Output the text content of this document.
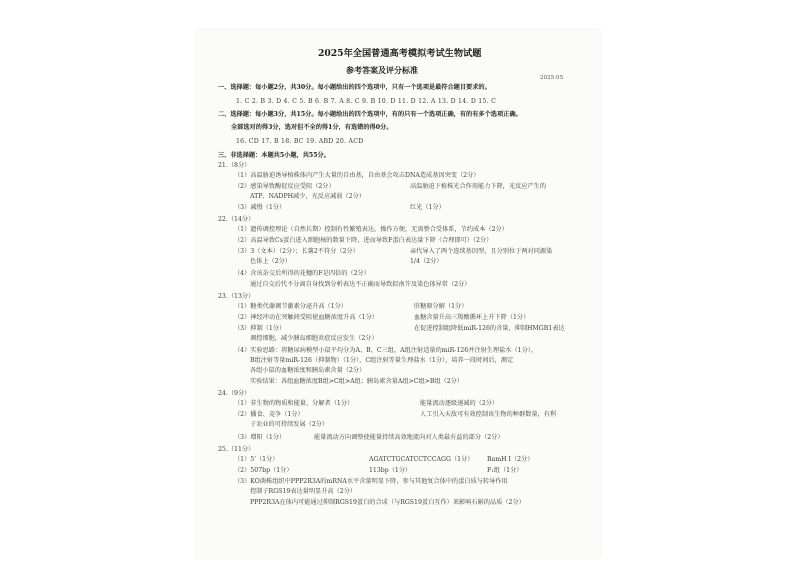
2025年全国普通高考模拟考试生物试题
参考答案及评分标准
2025.05
一、选择题：每小题2分，共30分。每小题给出的四个选项中，只有一个选项是最符合题目要求的。
1. C 2. B 3. D 4. C 5. B 6. B 7. A 8. C 9. B 10. D 11. D 12. A 13. D 14. D 15. C
二、选择题：每小题3分，共15分。每小题给出的四个选项中，有的只有一个选项正确，有的有多个选项正确。
全部选对的得3分，选对但不全的得1分，有选错的得0分。
16. CD 17. B 18. BC 19. ABD 20. ACD
三、非选择题：本题共5小题，共55分。
21.（8分）
（1）高温胁迫诱导植株体内产生大量的自由基，自由基会攻击DNA造成基因突变（2分）
（2）感染导致酶促反应受阻（2分）	高温胁迫下植株光合作用能力下降，光反应产生的
ATP、NADPH减少，光反应减弱（2分）
（3）减慢（1分）	红光（1分）
22.（14分）
（1）遗传调控理论（自然长期）控制有性繁殖表达，操作方便，无需整合受体系，节约成本（2分）
（2）高温导致Cs蛋白进入细胞核的数量下降，进而导致F蛋白表达量下降（合理即可）（2分）
（3）3（文本）（2分）；长薯2不符分（2分）	亲代导入了两个连续基因型，且分别位于两对同源染
色体上（2分）	1/4（2分）
（4）含该杂交后所得的花穗的F是四倍的（2分）
通过自交后代不分离自身找到分析表达不正确而导致拟南芥及染色体异常（2分）
23.（13分）
（1）糖类代谢调节激素分泌升高（1分）	肝糖原分解（1分）
（2）神经冲动在突触间受阻使血糖浓度升高（1分）	血糖含量升高三羧酸循环上升下降（1分）
（3）抑制（1分）	在促进控制组降低miR-126的含量，抑制HMGB1表达
调控细胞，减少胰岛细胞炎症反应发生（2分）
（4）实验思路：将糖尿病模型小鼠平均分为A、B、C三组，A组注射适量的miR-126并注射生理盐水（1分），
B组注射等量miR-126（抑制物）（1分），C组注射等量生理盐水（1分），培养一段时间后，测定
各组小鼠的血糖浓度和胰岛素含量（2分）
实验结果：各组血糖浓度B组>C组>A组；胰岛素含量A组>C组>B组（2分）
24.（9分）
（1）非生物的物质和能量、分解者（1分）	能量流动逐级递减的（2分）
（2）播食、竞争（1分）	人工引入天敌可有效控制该生物的种群数量，有利
于农业的可持续发展（2分）
（3）增阳（1分）	能量流动方向调整使能量持续高效地流向对人类最有益的部分（2分）
25.（11分）
（1）5'（1分）	AGATCTGCATCCTCCAGG（1分） BamH I（2分）
（2）507bp（1分）	113bp（1分）	F₁组（1分）
（3）KO菌株组织中PPP2R3A的mRNA水平含量明显下降，参与其他复合体中的蛋白质与转导作用
控制子RGS19表达量明显升高（2分）
PPP2R3A在体内可能通过抑制RGS19蛋白的合成（与RGS19蛋白互作）来影响石斛的品质（2分）
